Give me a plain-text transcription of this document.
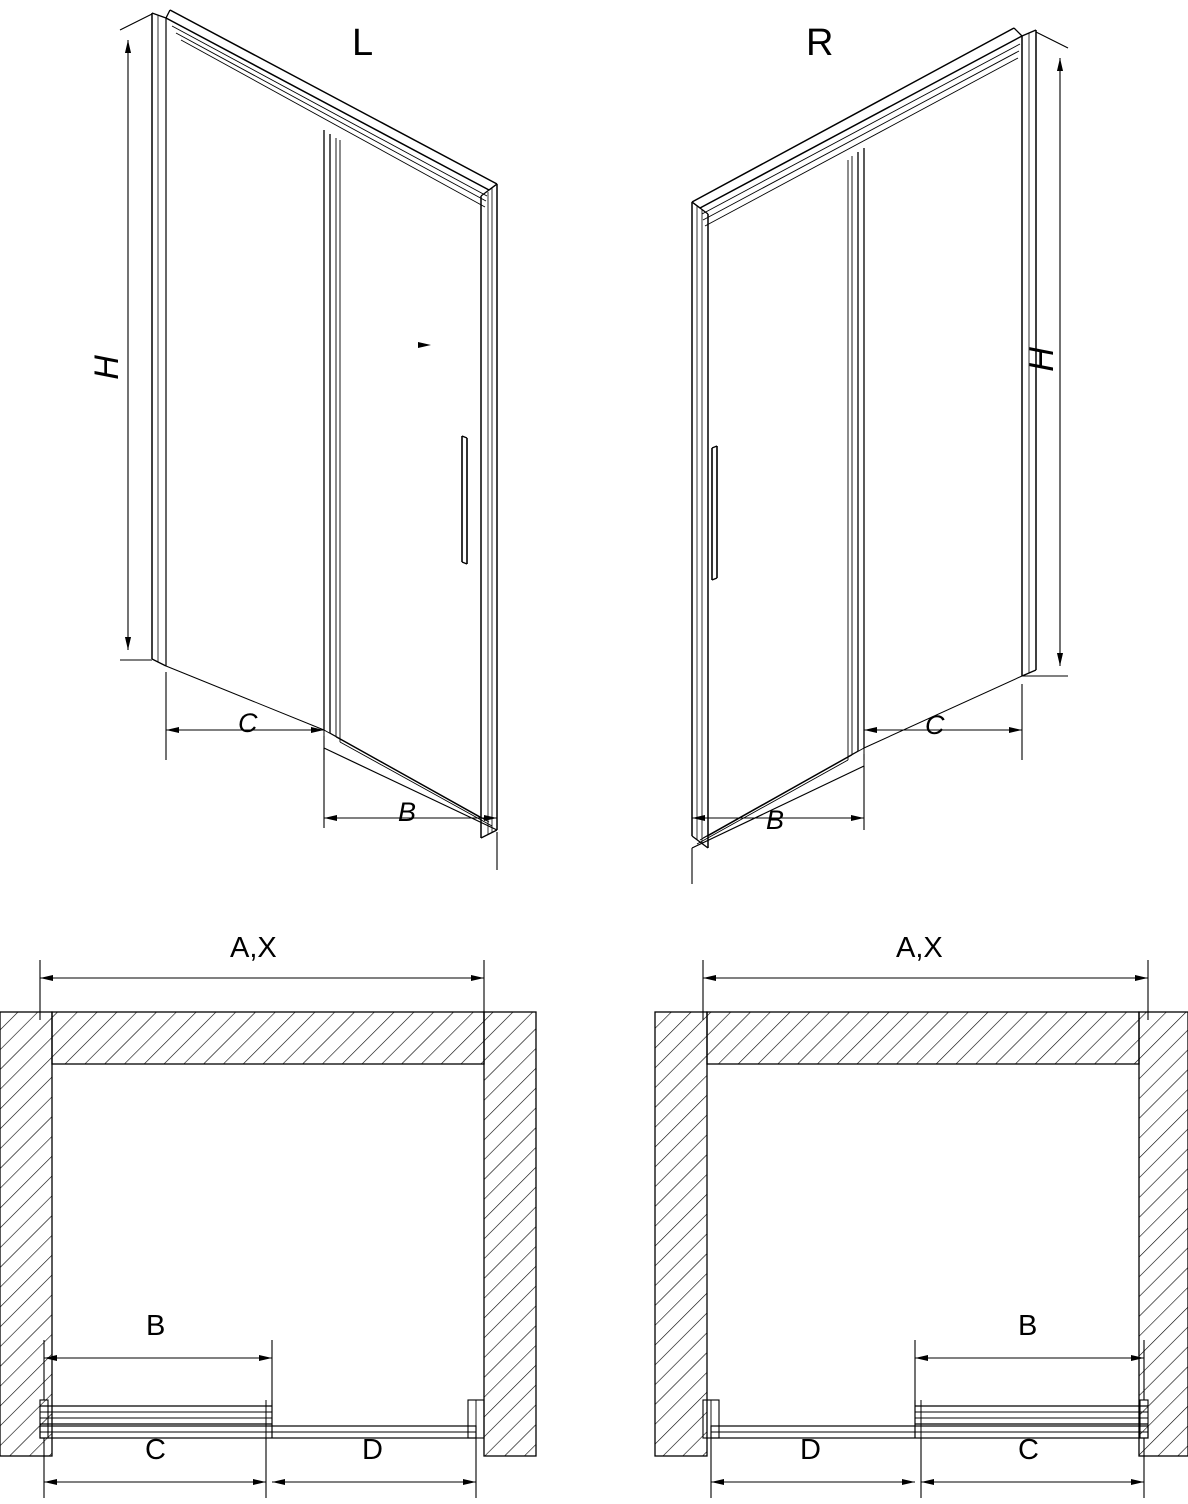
L	R
H	H
C
B
C
B
A,X	A,X
B
C	D
B
D	C
